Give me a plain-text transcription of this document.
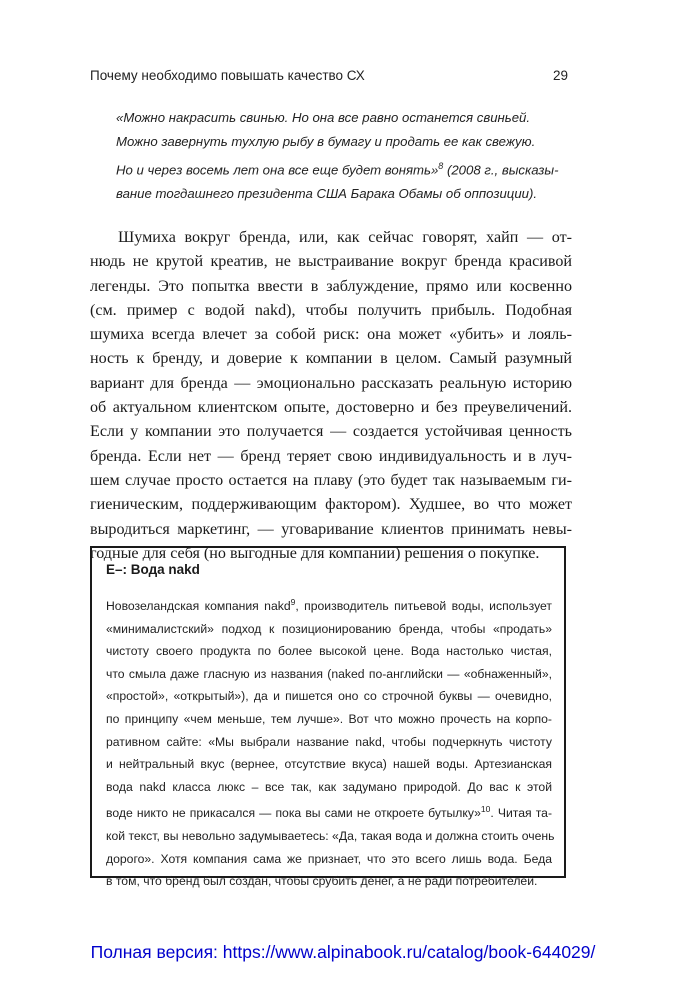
Почему необходимо повышать качество СХ	29
«Можно накрасить свинью. Но она все равно останется свиньей.
Можно завернуть тухлую рыбу в бумагу и продать ее как свежую.
Но и через восемь лет она все еще будет вонять»$^8$ (2008 г., высказы-
вание тогдашнего президента США Барака Обамы об оппозиции).
Шумиха вокруг бренда, или, как сейчас говорят, хайп — от-
нюдь не крутой креатив, не выстраивание вокруг бренда красивой
легенды. Это попытка ввести в заблуждение, прямо или косвенно
(см. пример с водой nakd), чтобы получить прибыль. Подобная
шумиха всегда влечет за собой риск: она может «убить» и лояль-
ность к бренду, и доверие к компании в целом. Самый разумный
вариант для бренда — эмоционально рассказать реальную историю
об актуальном клиентском опыте, достоверно и без преувеличений.
Если у компании это получается — создается устойчивая ценность
бренда. Если нет — бренд теряет свою индивидуальность и в луч-
шем случае просто остается на плаву (это будет так называемым ги-
гиеническим, поддерживающим фактором). Худшее, во что может
выродиться маркетинг, — уговаривание клиентов принимать невы-
годные для себя (но выгодные для компании) решения о покупке.
E–: Вода nakd
Новозеландская компания nakd$^9$, производитель питьевой воды, использует
«минималистский» подход к позиционированию бренда, чтобы «продать»
чистоту своего продукта по более высокой цене. Вода настолько чистая,
что смыла даже гласную из названия (naked по-английски — «обнаженный»,
«простой», «открытый»), да и пишется оно со строчной буквы — очевидно,
по принципу «чем меньше, тем лучше». Вот что можно прочесть на корпо-
ративном сайте: «Мы выбрали название nakd, чтобы подчеркнуть чистоту
и нейтральный вкус (вернее, отсутствие вкуса) нашей воды. Артезианская
вода nakd класса люкс – все так, как задумано природой. До вас к этой
воде никто не прикасался — пока вы сами не откроете бутылку»$^{10}$. Читая та-
кой текст, вы невольно задумываетесь: «Да, такая вода и должна стоить очень
дорого». Хотя компания сама же признает, что это всего лишь вода. Беда
в том, что бренд был создан, чтобы срубить денег, а не ради потребителей.
Полная версия: https://www.alpinabook.ru/catalog/book-644029/
